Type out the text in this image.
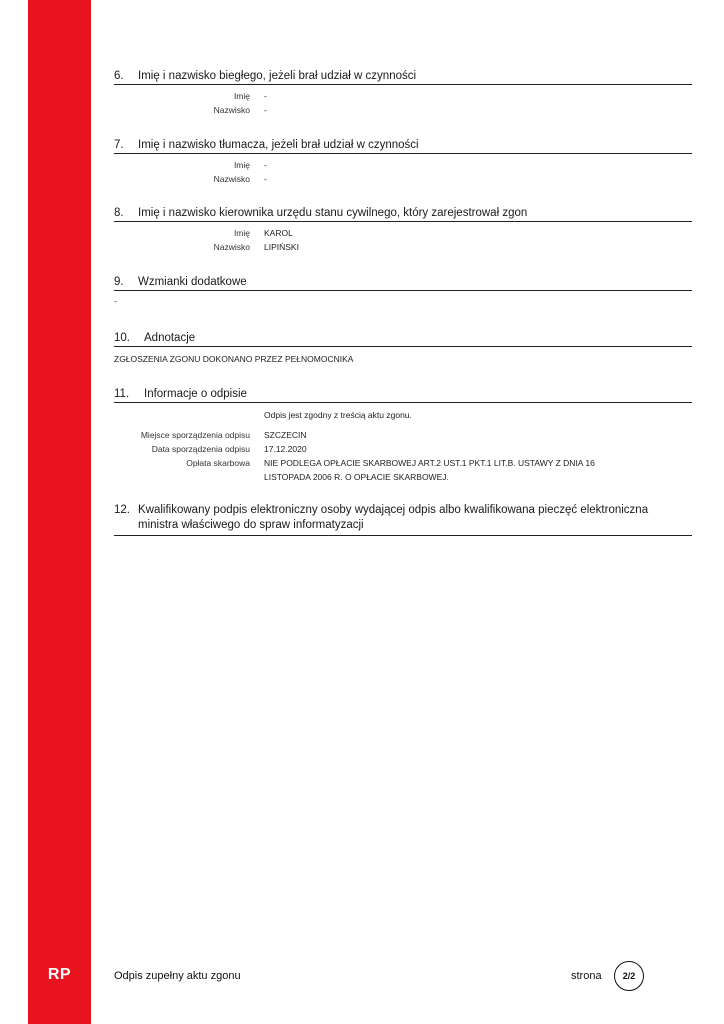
RP
6.	Imię i nazwisko biegłego, jeżeli brał udział w czynności
Imię -
Nazwisko -
7.	Imię i nazwisko tłumacza, jeżeli brał udział w czynności
Imię -
Nazwisko -
8.	Imię i nazwisko kierownika urzędu stanu cywilnego, który zarejestrował zgon
Imię KAROL
Nazwisko LIPIŃSKI
9.	Wzmianki dodatkowe
-
10.	Adnotacje
ZGŁOSZENIA ZGONU DOKONANO PRZEZ PEŁNOMOCNIKA
11.	Informacje o odpisie
Odpis jest zgodny z treścią aktu zgonu.
Miejsce sporządzenia odpisu SZCZECIN
Data sporządzenia odpisu 17.12.2020
Opłata skarbowa NIE PODLEGA OPŁACIE SKARBOWEJ ART.2 UST.1 PKT.1 LIT.B. USTAWY Z DNIA 16
LISTOPADA 2006 R. O OPŁACIE SKARBOWEJ.
12. Kwalifikowany podpis elektroniczny osoby wydającej odpis albo kwalifikowana pieczęć elektroniczna
ministra właściwego do spraw informatyzacji
Odpis zupełny aktu zgonu	strona	2/2
